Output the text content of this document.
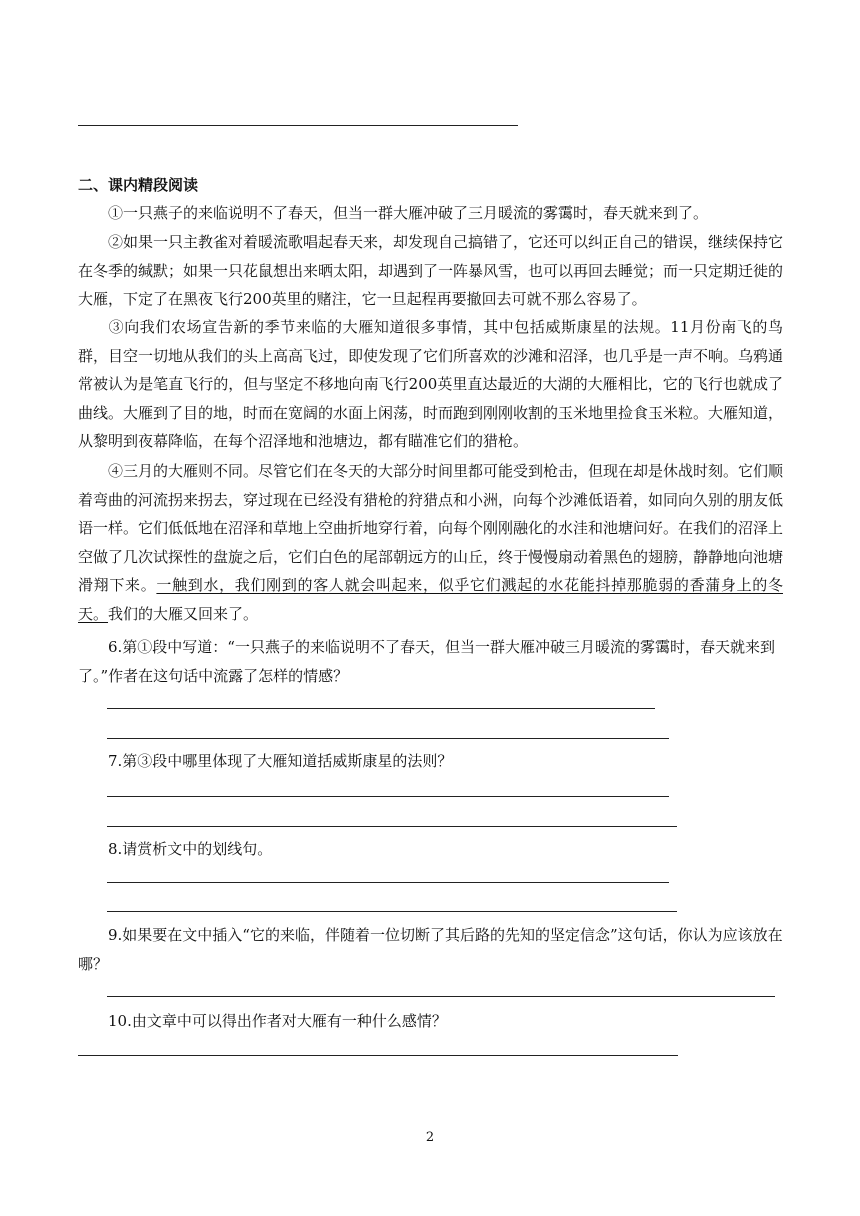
二、课内精段阅读
①一只燕子的来临说明不了春天，但当一群大雁冲破了三月暖流的雾霭时，春天就来到了。
②如果一只主教雀对着暖流歌唱起春天来，却发现自己搞错了，它还可以纠正自己的错误，继续保持它在冬季的缄默；如果一只花鼠想出来晒太阳，却遇到了一阵暴风雪，也可以再回去睡觉；而一只定期迁徙的大雁，下定了在黑夜飞行200英里的赌注，它一旦起程再要撤回去可就不那么容易了。
③向我们农场宣告新的季节来临的大雁知道很多事情，其中包括威斯康星的法规。11月份南飞的鸟群，目空一切地从我们的头上高高飞过，即使发现了它们所喜欢的沙滩和沼泽，也几乎是一声不响。乌鸦通常被认为是笔直飞行的，但与坚定不移地向南飞行200英里直达最近的大湖的大雁相比，它的飞行也就成了曲线。大雁到了目的地，时而在宽阔的水面上闲荡，时而跑到刚刚收割的玉米地里捡食玉米粒。大雁知道，从黎明到夜幕降临，在每个沼泽地和池塘边，都有瞄准它们的猎枪。
④三月的大雁则不同。尽管它们在冬天的大部分时间里都可能受到枪击，但现在却是休战时刻。它们顺着弯曲的河流拐来拐去，穿过现在已经没有猎枪的狩猎点和小洲，向每个沙滩低语着，如同向久别的朋友低语一样。它们低低地在沼泽和草地上空曲折地穿行着，向每个刚刚融化的水洼和池塘问好。在我们的沼泽上空做了几次试探性的盘旋之后，它们白色的尾部朝远方的山丘，终于慢慢扇动着黑色的翅膀，静静地向池塘滑翔下来。一触到水，我们刚到的客人就会叫起来，似乎它们溅起的水花能抖掉那脆弱的香蒲身上的冬天。我们的大雁又回来了。
6.第①段中写道：“一只燕子的来临说明不了春天，但当一群大雁冲破三月暖流的雾霭时，春天就来到了。”作者在这句话中流露了怎样的情感？
7.第③段中哪里体现了大雁知道括威斯康星的法则？
8.请赏析文中的划线句。
9.如果要在文中插入“它的来临，伴随着一位切断了其后路的先知的坚定信念”这句话，你认为应该放在哪？
10.由文章中可以得出作者对大雁有一种什么感情？
2
